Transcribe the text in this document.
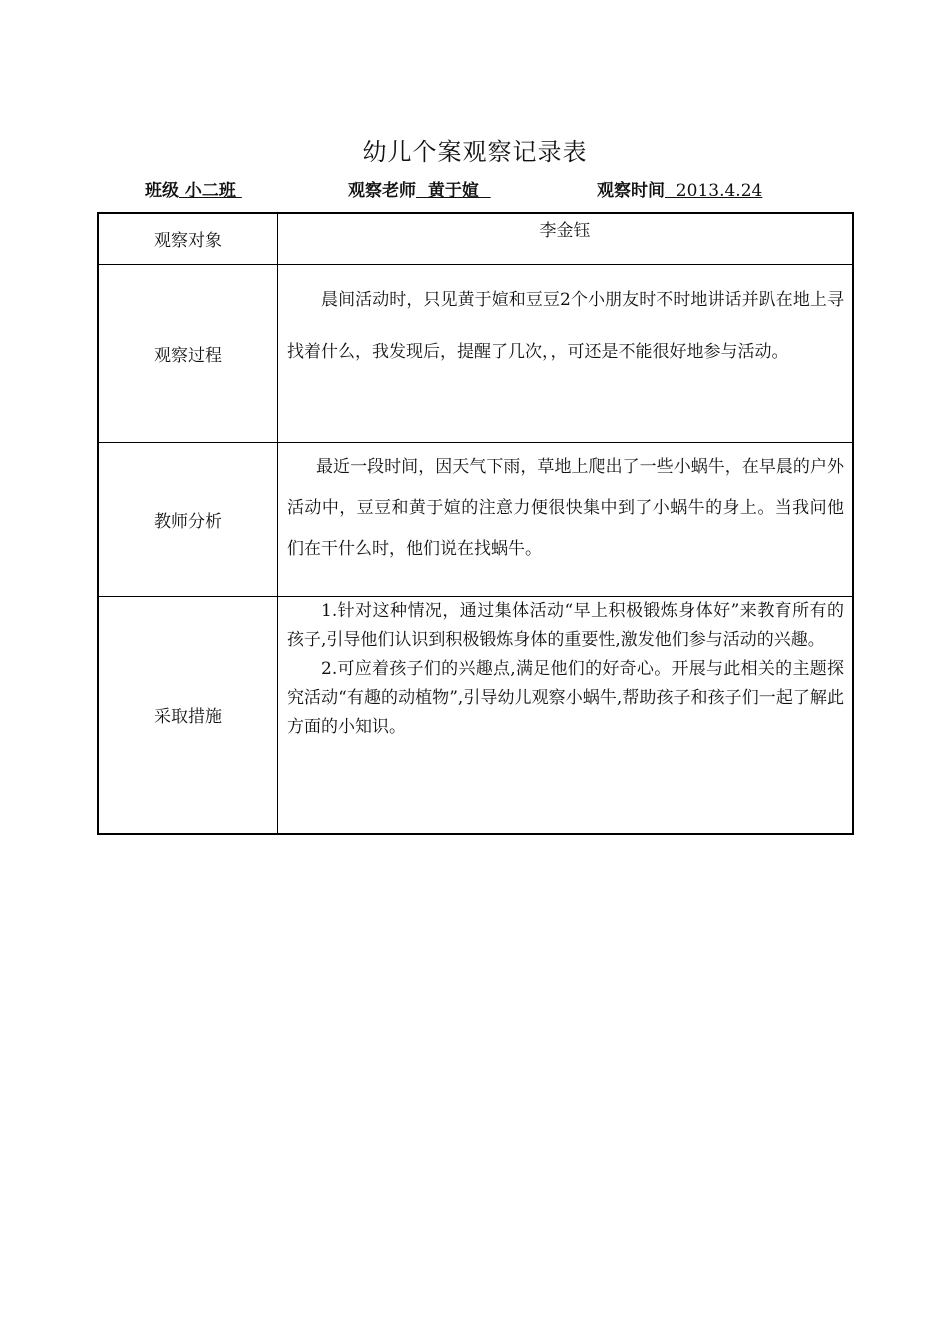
幼儿个案观察记录表
班级 小二班	观察老师  黄于媗	观察时间  2013.4.24
观察对象	李金钰

观察过程	晨间活动时，只见黄于媗和豆豆2个小朋友时不时地讲话并趴在地上寻找着什么，我发现后，提醒了几次，，可还是不能很好地参与活动。

教师分析	最近一段时间，因天气下雨，草地上爬出了一些小蜗牛，在早晨的户外活动中，豆豆和黄于媗的注意力便很快集中到了小蜗牛的身上。当我问他们在干什么时，他们说在找蜗牛。

采取措施	1.针对这种情况，通过集体活动“早上积极锻炼身体好”来教育所有的孩子,引导他们认识到积极锻炼身体的重要性,激发他们参与活动的兴趣。

2.可应着孩子们的兴趣点,满足他们的好奇心。开展与此相关的主题探究活动“有趣的动植物”,引导幼儿观察小蜗牛,帮助孩子和孩子们一起了解此方面的小知识。
